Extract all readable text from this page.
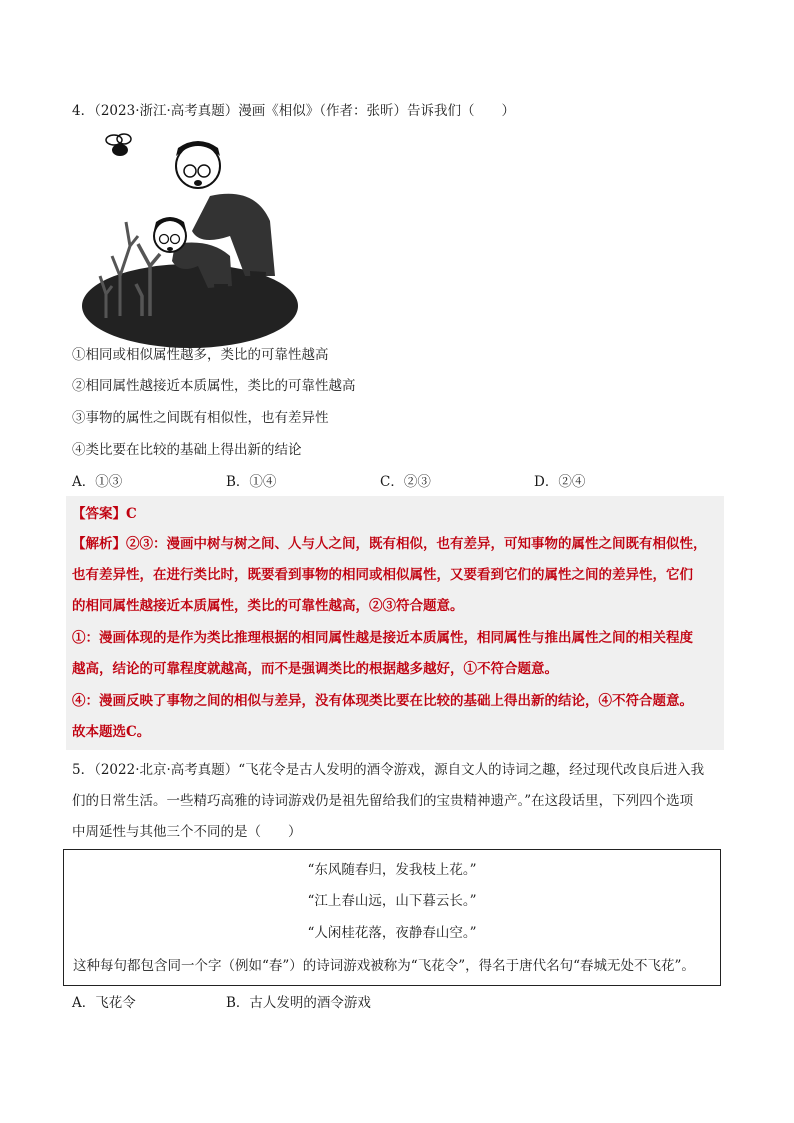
4．（2023·浙江·高考真题）漫画《相似》（作者：张昕）告诉我们（　　）
①相同或相似属性越多，类比的可靠性越高
②相同属性越接近本质属性，类比的可靠性越高
③事物的属性之间既有相似性，也有差异性
④类比要在比较的基础上得出新的结论
A．①③	B．①④	C．②③	D．②④
【答案】C
【解析】②③：漫画中树与树之间、人与人之间，既有相似，也有差异，可知事物的属性之间既有相似性，
也有差异性，在进行类比时，既要看到事物的相同或相似属性，又要看到它们的属性之间的差异性，它们
的相同属性越接近本质属性，类比的可靠性越高，②③符合题意。
①：漫画体现的是作为类比推理根据的相同属性越是接近本质属性，相同属性与推出属性之间的相关程度
越高，结论的可靠程度就越高，而不是强调类比的根据越多越好，①不符合题意。
④：漫画反映了事物之间的相似与差异，没有体现类比要在比较的基础上得出新的结论，④不符合题意。
故本题选C。
5．（2022·北京·高考真题）“飞花令是古人发明的酒令游戏，源自文人的诗词之趣，经过现代改良后进入我
们的日常生活。一些精巧高雅的诗词游戏仍是祖先留给我们的宝贵精神遗产。”在这段话里，下列四个选项
中周延性与其他三个不同的是（　　）
“东风随春归，发我枝上花。”
“江上春山远，山下暮云长。”
“人闲桂花落，夜静春山空。”
这种每句都包含同一个字（例如“春”）的诗词游戏被称为“飞花令”，得名于唐代名句“春城无处不飞花”。
A．飞花令	B．古人发明的酒令游戏
